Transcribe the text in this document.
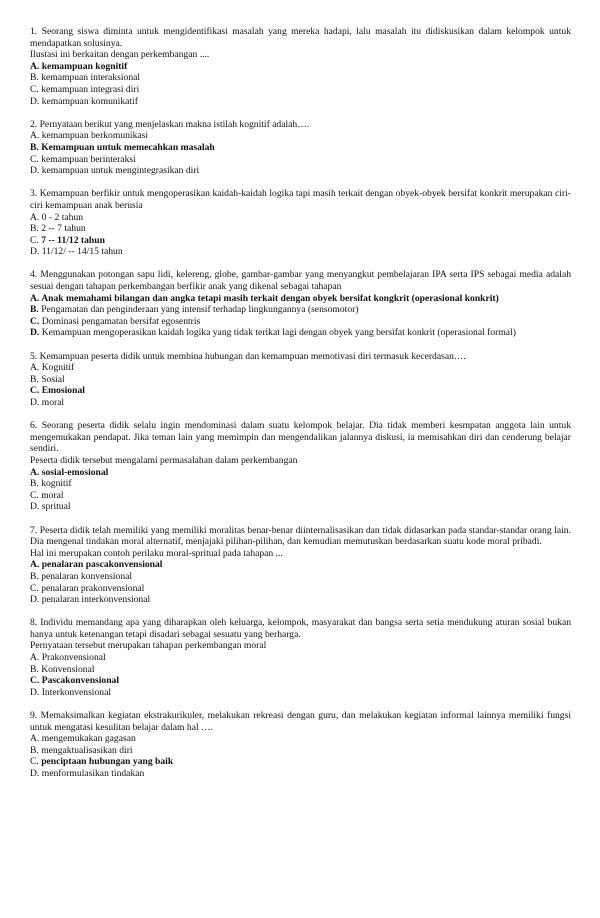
1. Seorang siswa diminta untuk mengidentifikasi masalah yang mereka hadapi, lalu masalah itu didiskusikan dalam kelompok untuk mendapatkan solusinya.

Ilustasi ini berkaitan dengan perkembangan ....

A. kemampuan kognitif

B. kemampuan interaksional

C. kemampuan integrasi diri

D. kemampuan komunikatif

2. Pernyataan berikut yang menjelaskan makna istilah kognitif adalah….

A. kemampuan berkomunikasi

B. Kemampuan untuk memecahkan masalah

C. kemampuan berinteraksi

D. kemampuan untuk mengintegrasikan diri

3. Kemampuan berfikir untuk mengoperasikan kaidah-kaidah logika tapi masih terkait dengan obyek-obyek bersifat konkrit merupakan ciri-ciri kemampuan anak berusia

A. 0 - 2 tahun

B. 2 -- 7 tahun

C. 7 -- 11/12 tahun

D. 11/12/ -- 14/15 tahun

4. Menggunakan potongan sapu lidi, kelereng, globe, gambar-gambar yang menyangkut pembelajaran IPA serta IPS sebagai media adalah sesuai dengan tahapan perkembangan berfikir anak yang dikenal sebagai tahapan

A. Anak memahami bilangan dan angka tetapi masih terkait dengan obyek bersifat kongkrit (operasional konkrit)

B. Pengamatan dan penginderaan yang intensif terhadap lingkungannya (sensomotor)

C. Dominasi pengamatan bersifat egosentris

D. Kemampuan mengoperasikan kaidah logika yang tidak terikat lagi dengan obyek yang bersifat konkrit (operasional formal)

5. Kemampuan peserta didik untuk membina hubungan dan kemampuan memotivasi diri termasuk kecerdasan….

A. Kognitif

B. Sosial

C. Emosional

D. moral

6. Seorang peserta didik selalu ingin mendominasi dalam suatu kelompok belajar. Dia tidak memberi kesmpatan anggota lain untuk mengemukakan pendapat. Jika teman lain yang memimpin dan mengendalikan jalannya diskusi, ia memisahkan diri dan cenderung belajar sendiri.

Peserta didik tersebut mengalami permasalahan dalam perkembangan

A. sosial-emosional

B. kognitif

C. moral

D. spritual

7. Peserta didik telah memiliki yang memiliki moralitas benar-benar diinternalisasikan dan tidak didasarkan pada standar-standar orang lain. Dia mengenal tindakan moral alternatif, menjajaki pilihan-pilihan, dan kemudian memutuskan berdasarkan suatu kode moral pribadi.

Hal ini merupakan contoh perilaku moral-spritual pada tahapan ...

A. penalaran pascakonvensional

B. penalaran konvensional

C. penalaran prakonvensional

D. penalaran interkonvensional

8. Individu memandang apa yang diharapkan oleh keluarga, kelompok, masyarakat dan bangsa serta setia mendukung aturan sosial bukan hanya untuk ketenangan tetapi disadari sebagai sesuatu yang berharga.

Pernyataan tersebut merupakan tahapan perkembangan moral

A. Prakonvensional

B. Konvensional

C. Pascakonvensional

D. Interkonvensional

9. Memaksimalkan kegiatan ekstrakurikuler, melakukan rekreasi dengan guru, dan melakukan kegiatan informal lainnya memiliki fungsi untuk mengatasi kesulitan belajar dalam hal ….

A. mengemukakan gagasan

B. mengaktualisasikan diri

C. penciptaan hubungan yang baik

D. menformulasikan tindakan
